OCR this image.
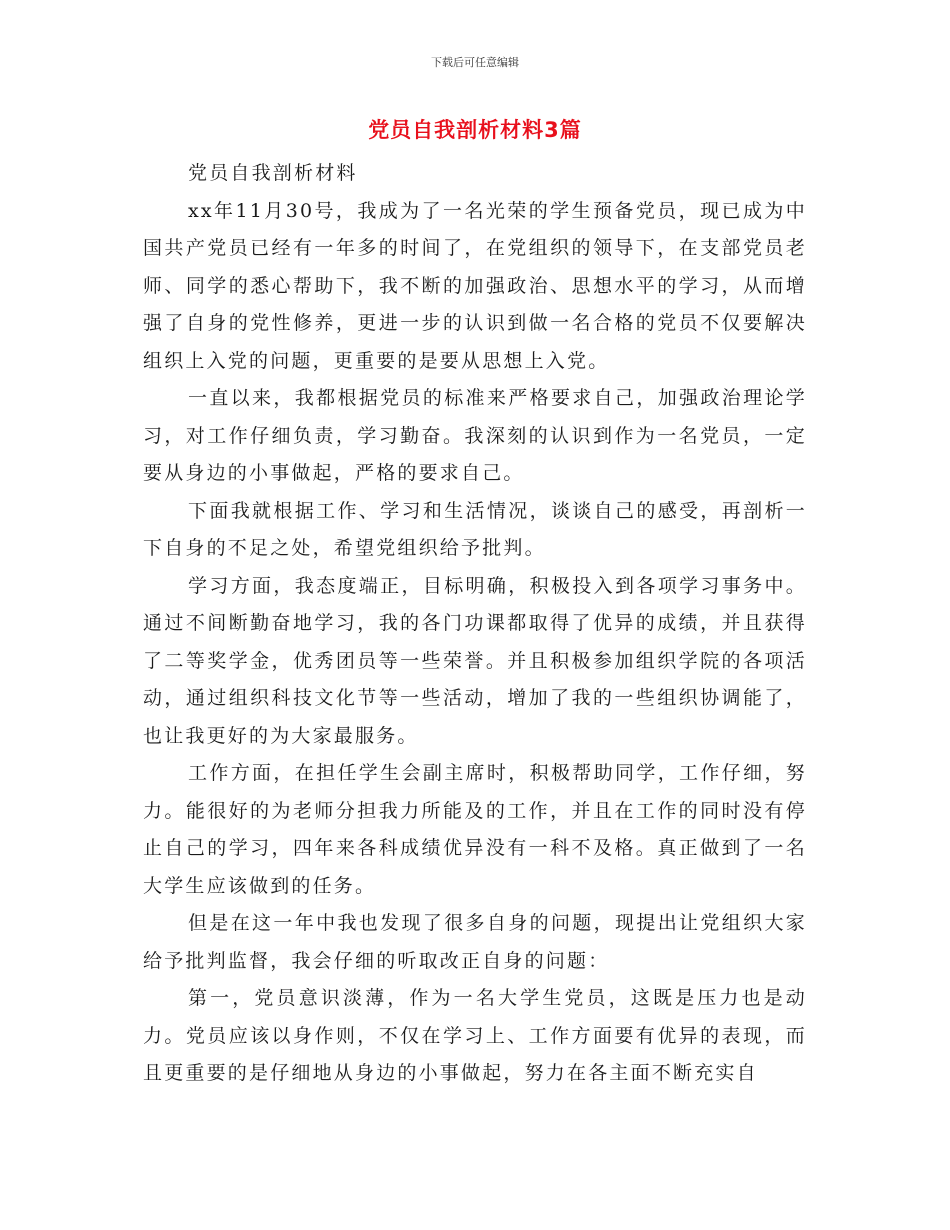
下载后可任意编辑
党员自我剖析材料3篇

党员自我剖析材料

xx年11月30号，我成为了一名光荣的学生预备党员，现已成为中国共产党员已经有一年多的时间了，在党组织的领导下，在支部党员老师、同学的悉心帮助下，我不断的加强政治、思想水平的学习，从而增强了自身的党性修养，更进一步的认识到做一名合格的党员不仅要解决组织上入党的问题，更重要的是要从思想上入党。

一直以来，我都根据党员的标准来严格要求自己，加强政治理论学习，对工作仔细负责，学习勤奋。我深刻的认识到作为一名党员，一定要从身边的小事做起，严格的要求自己。

下面我就根据工作、学习和生活情况，谈谈自己的感受，再剖析一下自身的不足之处，希望党组织给予批判。

学习方面，我态度端正，目标明确，积极投入到各项学习事务中。通过不间断勤奋地学习，我的各门功课都取得了优异的成绩，并且获得了二等奖学金，优秀团员等一些荣誉。并且积极参加组织学院的各项活动，通过组织科技文化节等一些活动，增加了我的一些组织协调能了，也让我更好的为大家最服务。

工作方面，在担任学生会副主席时，积极帮助同学，工作仔细，努力。能很好的为老师分担我力所能及的工作，并且在工作的同时没有停止自己的学习，四年来各科成绩优异没有一科不及格。真正做到了一名大学生应该做到的任务。

但是在这一年中我也发现了很多自身的问题，现提出让党组织大家给予批判监督，我会仔细的听取改正自身的问题：

第一，党员意识淡薄，作为一名大学生党员，这既是压力也是动力。党员应该以身作则，不仅在学习上、工作方面要有优异的表现，而且更重要的是仔细地从身边的小事做起，努力在各主面不断充实自
